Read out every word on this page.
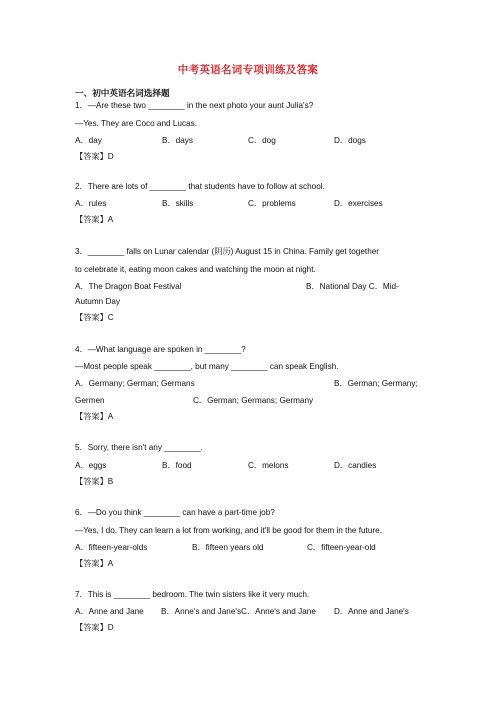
中考英语名词专项训练及答案
一、初中英语名词选择题
1．—Are these two ________ in the next photo your aunt Julia's?
—Yes. They are Coco and Lucas.
A．day	B．days	C．dog	D．dogs
【答案】D
2．There are lots of ________ that students have to follow at school.
A．rules	B．skills	C．problems	D．exercises
【答案】A
3．________ falls on Lunar calendar (阴历) August 15 in China. Family get together
to celebrate it, eating moon cakes and watching the moon at night.
A．The Dragon Boat Festival	B．National Day C．Mid-
Autumn Day
【答案】C
4．—What language are spoken in ________?
—Most people speak ________, but many ________ can speak English.
A．Germany; German; Germans	B．German; Germany;
Germen	C．German; Germans; Germany
【答案】A
5．Sorry, there isn't any ________.
A．eggs	B．food	C．melons	D．candies
【答案】B
6．—Do you think ________ can have a part-time job?
—Yes, I do. They can learn a lot from working, and it'll be good for them in the future.
A．fifteen-year-olds	B．fifteen years old	C．fifteen-year-old
【答案】A
7．This is ________ bedroom. The twin sisters like it very much.
A．Anne and Jane B．Anne's and Jane'sC．Anne's and Jane D．Anne and Jane's
【答案】D
